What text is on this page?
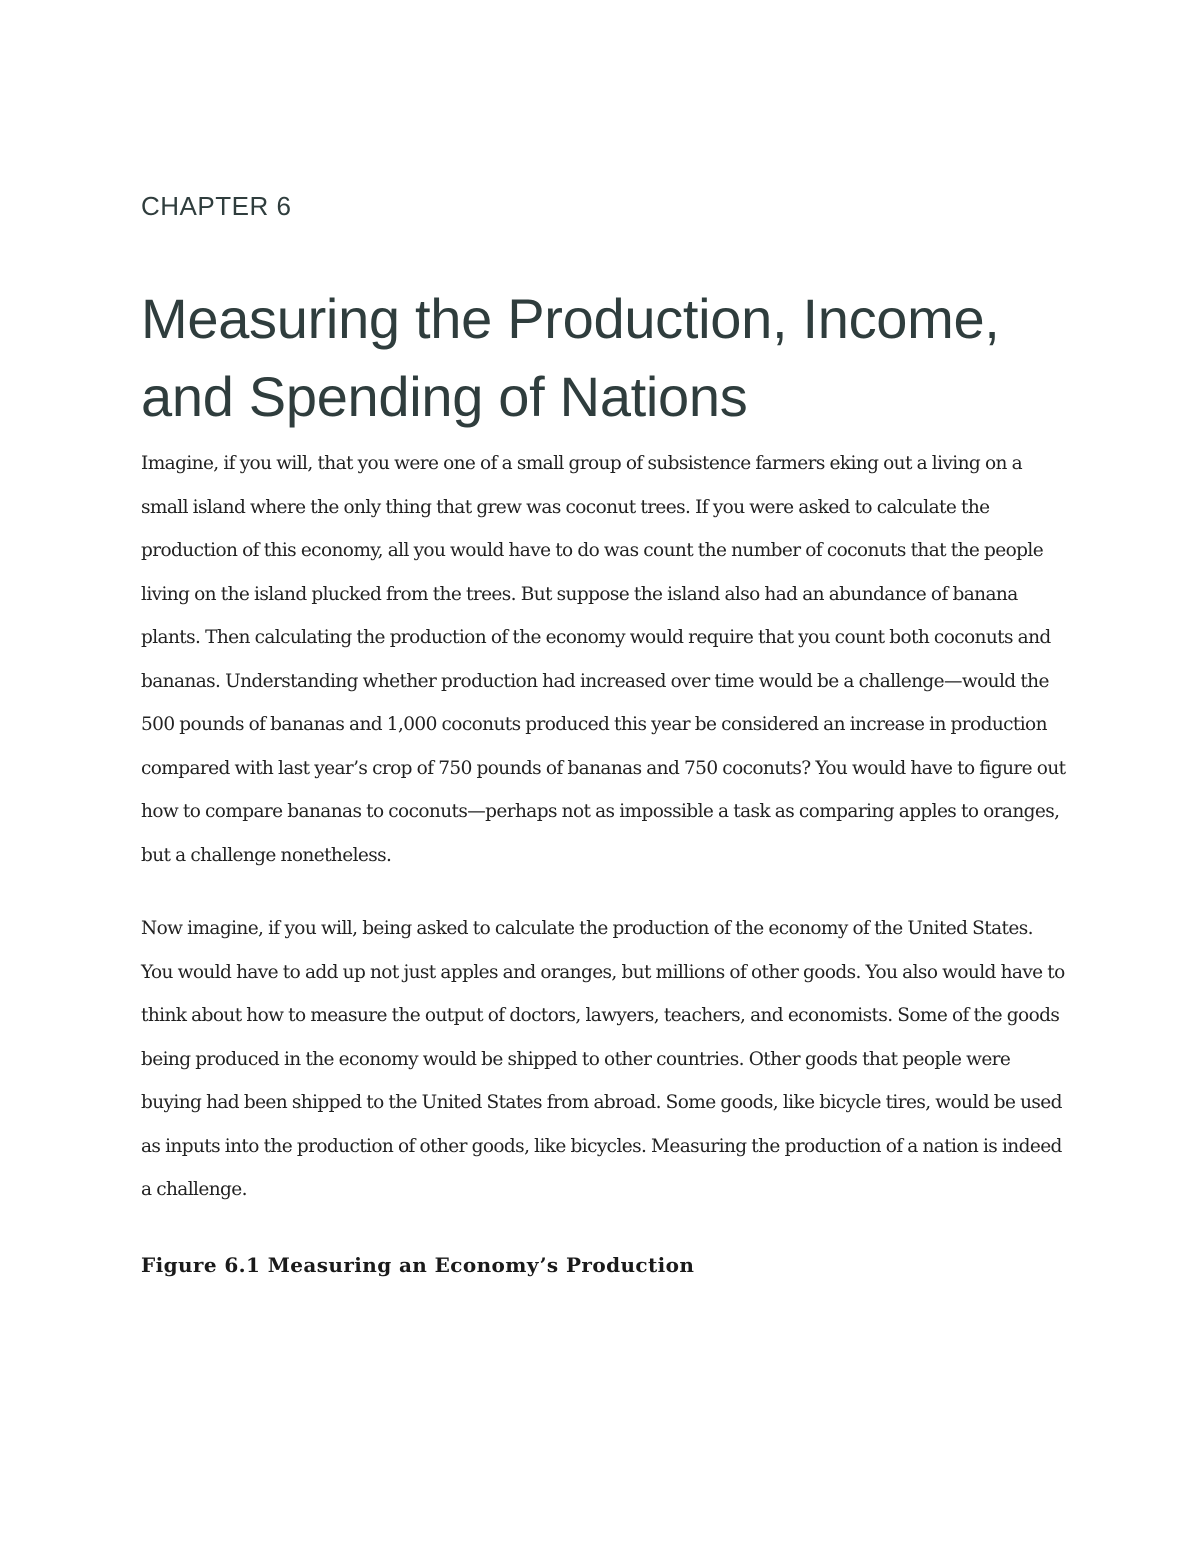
CHAPTER 6

Measuring the Production, Income, and Spending of Nations

Imagine, if you will, that you were one of a small group of subsistence farmers eking out a living on a small island where the only thing that grew was coconut trees. If you were asked to calculate the production of this economy, all you would have to do was count the number of coconuts that the people living on the island plucked from the trees. But suppose the island also had an abundance of banana plants. Then calculating the production of the economy would require that you count both coconuts and bananas. Understanding whether production had increased over time would be a challenge—would the 500 pounds of bananas and 1,000 coconuts produced this year be considered an increase in production compared with last year’s crop of 750 pounds of bananas and 750 coconuts? You would have to figure out how to compare bananas to coconuts—perhaps not as impossible a task as comparing apples to oranges, but a challenge nonetheless.

Now imagine, if you will, being asked to calculate the production of the economy of the United States. You would have to add up not just apples and oranges, but millions of other goods. You also would have to think about how to measure the output of doctors, lawyers, teachers, and economists. Some of the goods being produced in the economy would be shipped to other countries. Other goods that people were buying had been shipped to the United States from abroad. Some goods, like bicycle tires, would be used as inputs into the production of other goods, like bicycles. Measuring the production of a nation is indeed a challenge.

Figure 6.1 Measuring an Economy’s Production
